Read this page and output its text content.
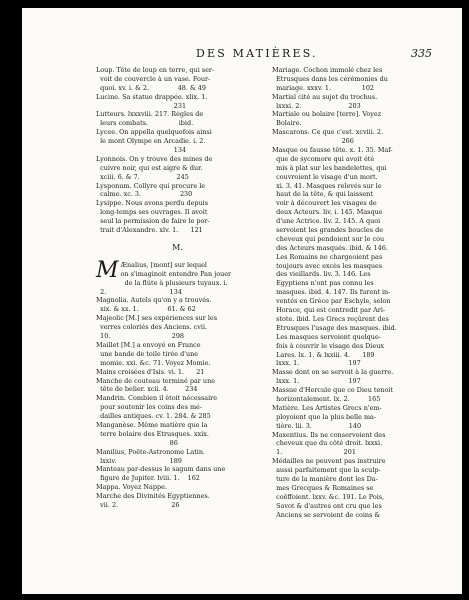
DES MATIÈRES.	335
Loup. Tête de loup en terre, qui ser-
voit de couvercle à un vase. Four-
quoi. xv. i. & 2.              48. & 49
Lucine. Sa statue drappée. xlix. 1.
231
Lutteurs. lxxxviii. 217. Règles de
leurs combats.               ibid.
Lycee. On appella quelquefois ainsi
le mont Olympe en Arcadie. i. 2.
134
Lyonnois. On y trouve des mines de
cuivre noir, qui est aigre & dur.
xciii. 6. & 7.                  245
Lysponum. Collyre qui procure le
calme. xc. 3.                   230
Lysippe. Nous avons perdu depuis
long-temps ses ouvrages. Il avoit
seul la permission de faire le por-
trait d'Alexandre. xlv. 1.      121
M.
M Ænalius, [mont] sur lequel
on s'imaginoit entendre Pan jouer
de la flûte à plusieurs tuyaux. i.
2.                               134
Magnolia. Autels qu'on y a trouvés.
xix. & xx. 1.              61. & 62
Majeolic [M.] ses expériences sur les
verres coloriés des Anciens. cvii.
10.                              298
Maillet [M.] a envoyé en France
une bande de toile tirée d'une
momie. xxi. &c. 71. Voyez Momie.
Mains croisées d'Isis. vi. 1.      21
Manche de couteau terminé par une
tête de belier. xcii. 4.        234
Mandrin. Combien il étoit nécessaire
pour soutenir les coins des mé-
dailles antiques. cv. 1. 284. & 285
Manganèse. Même matière que la
terre bolaire des Etrusques. xxix.
86
Manilius, Poëte-Astronome Latin.
lxxiv.                          189
Manteau par-dessus le sagum dans une
figure de Jupiter. lviii. 1.    162
Mappa. Voyez Nappe.
Marche des Divinités Egyptiennes.
vii. 2.                          26
Mariage. Cochon immolé chez les
Etrusques dans les cérémonies du
mariage. xxxv. 1.               102
Martial cité au sujet du trochus.
lxxxi. 2.                       203
Martiale ou bolaire [terre]. Voyez
Bolaire.
Mascarons. Ce que c'est. xcviii. 2.
266
Masque ou fausse tête. x. 1. 35. Maf-
que de sycomore qui avoit été
mis à plat sur les bandelettes, qui
couvroient le visage d'un mort.
xi. 3. 41. Masques relevés sur le
haut de la tête, & qui laissent
voir à découvert les visages de
deux Acteurs. liv. i. 145. Masque
d'une Actrice. liv. 2. 145. A quoi
servoient les grandes boucles de
cheveux qui pendoient sur le cou
des Acteurs masqués. ibid. & 146.
Les Romains ne chargeoient pas
toujours avec excès les masques
des vieillards. liv. 3. 146. Les
Egyptiens n'ont pas connu les
masques. ibid. 4. 147. Ils furent in-
ventés en Grèce par Eschyle, selon
Horace, qui est contredit par Ari-
stote. ibid. Les Grecs reçûrent des
Etrusques l'usage des masques. ibid.
Les masques servoient quelque-
fois à couvrir le visage des Dieux
Lares. lx. 1. & lxxiii. 4.      189
lxxx. 1.                        197
Masse dont on se servoit à la guerre.
lxxx. 1.                        197
Massue d'Hercule que ce Dieu tenoit
horizontalement. lx. 2.         165
Matière. Les Artistes Grecs n'em-
ployoient que la plus belle ma-
tière. lii. 3.                  140
Maxentius. Ils ne conservoient des
cheveux que du côté droit. lxxxi.
1.                              201
Médailles ne peuvent pas instruire
aussi parfaitement que la sculp-
ture de la manière dont les Da-
mes Grecques & Romaines se
coëffoient. lxxv. &c. 191. Le Pois,
Savot & d'autres ont cru que les
Anciens se servoient de coins &
